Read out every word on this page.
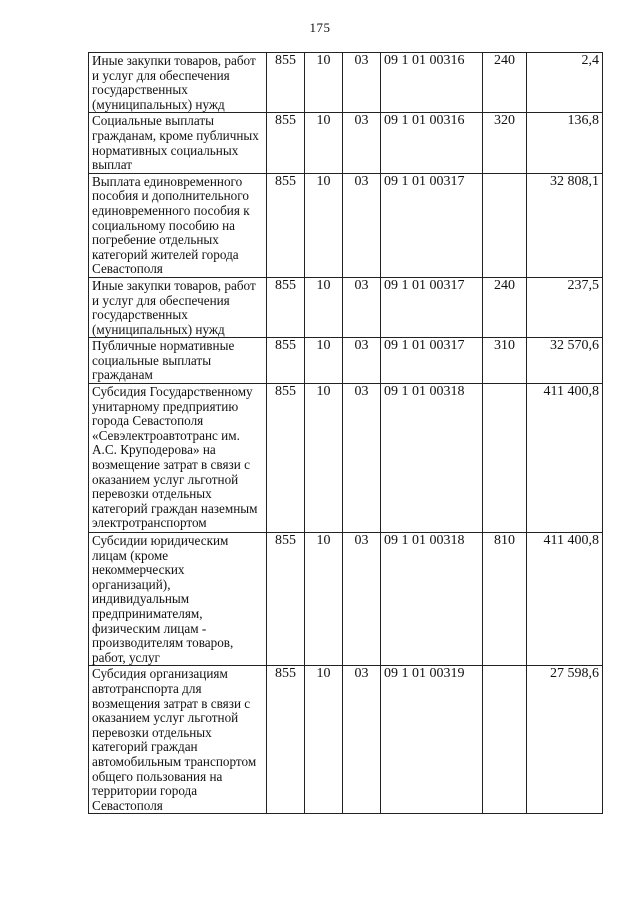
175
Иные закупки товаров, работ и услуг для обеспечения государственных (муниципальных) нужд	855	10	03	09 1 01 00316	240	2,4
Социальные выплаты гражданам, кроме публичных нормативных социальных выплат	855	10	03	09 1 01 00316	320	136,8
Выплата единовременного пособия и дополнительного единовременного пособия к социальному пособию на погребение отдельных категорий жителей города Севастополя	855	10	03	09 1 01 00317		32 808,1
Иные закупки товаров, работ и услуг для обеспечения государственных (муниципальных) нужд	855	10	03	09 1 01 00317	240	237,5
Публичные нормативные социальные выплаты гражданам	855	10	03	09 1 01 00317	310	32 570,6
Субсидия Государственному унитарному предприятию города Севастополя «Севэлектроавтотранс им. А.С. Круподерова» на возмещение затрат в связи с оказанием услуг льготной перевозки отдельных категорий граждан наземным электротранспортом	855	10	03	09 1 01 00318		411 400,8
Субсидии юридическим лицам (кроме некоммерческих организаций), индивидуальным предпринимателям, физическим лицам - производителям товаров, работ, услуг	855	10	03	09 1 01 00318	810	411 400,8
Субсидия организациям автотранспорта для возмещения затрат в связи с оказанием услуг льготной перевозки отдельных категорий граждан автомобильным транспортом общего пользования на территории города Севастополя	855	10	03	09 1 01 00319		27 598,6
